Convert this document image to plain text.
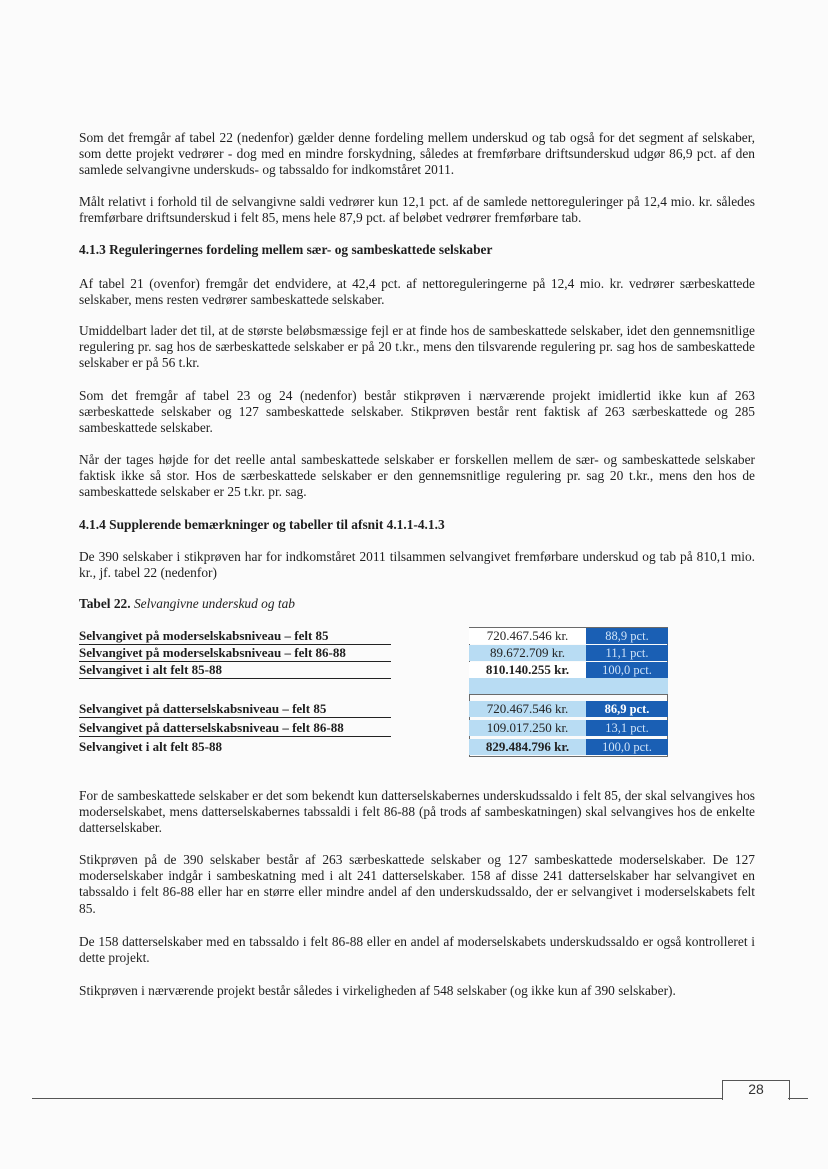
Som det fremgår af tabel 22 (nedenfor) gælder denne fordeling mellem underskud og tab også for det segment af selskaber, som dette projekt vedrører - dog med en mindre forskydning, således at fremførbare driftsunderskud udgør 86,9 pct. af den samlede selvangivne underskuds- og tabssaldo for indkomståret 2011.

Målt relativt i forhold til de selvangivne saldi vedrører kun 12,1 pct. af de samlede nettoreguleringer på 12,4 mio. kr. således fremførbare driftsunderskud i felt 85, mens hele 87,9 pct. af beløbet vedrører fremførbare tab.

4.1.3 Reguleringernes fordeling mellem sær- og sambeskattede selskaber

Af tabel 21 (ovenfor) fremgår det endvidere, at 42,4 pct. af nettoreguleringerne på 12,4 mio. kr. vedrører særbeskattede selskaber, mens resten vedrører sambeskattede selskaber.

Umiddelbart lader det til, at de største beløbsmæssige fejl er at finde hos de sambeskattede selskaber, idet den gennemsnitlige regulering pr. sag hos de særbeskattede selskaber er på 20 t.kr., mens den tilsvarende regulering pr. sag hos de sambeskattede selskaber er på 56 t.kr.

Som det fremgår af tabel 23 og 24 (nedenfor) består stikprøven i nærværende projekt imidlertid ikke kun af 263 særbeskattede selskaber og 127 sambeskattede selskaber. Stikprøven består rent faktisk af 263 særbeskattede og 285 sambeskattede selskaber.

Når der tages højde for det reelle antal sambeskattede selskaber er forskellen mellem de sær- og sambeskattede selskaber faktisk ikke så stor. Hos de særbeskattede selskaber er den gennemsnitlige regulering pr. sag 20 t.kr., mens den hos de sambeskattede selskaber er 25 t.kr. pr. sag.

4.1.4 Supplerende bemærkninger og tabeller til afsnit 4.1.1-4.1.3

De 390 selskaber i stikprøven har for indkomståret 2011 tilsammen selvangivet fremførbare underskud og tab på 810,1 mio. kr., jf. tabel 22 (nedenfor)

Tabel 22. Selvangivne underskud og tab

Selvangivet på moderselskabsniveau – felt 85	720.467.546 kr.	88,9 pct.
Selvangivet på moderselskabsniveau – felt 86-88	89.672.709 kr.	11,1 pct.
Selvangivet i alt felt 85-88	810.140.255 kr.	100,0 pct.
Selvangivet på datterselskabsniveau – felt 85	720.467.546 kr.	86,9 pct.
Selvangivet på datterselskabsniveau – felt 86-88	109.017.250 kr.	13,1 pct.
Selvangivet i alt felt 85-88	829.484.796 kr.	100,0 pct.

For de sambeskattede selskaber er det som bekendt kun datterselskabernes underskudssaldo i felt 85, der skal selvangives hos moderselskabet, mens datterselskabernes tabssaldi i felt 86-88 (på trods af sambeskatningen) skal selvangives hos de enkelte datterselskaber.

Stikprøven på de 390 selskaber består af 263 særbeskattede selskaber og 127 sambeskattede moderselskaber. De 127 moderselskaber indgår i sambeskatning med i alt 241 datterselskaber. 158 af disse 241 datterselskaber har selvangivet en tabssaldo i felt 86-88 eller har en større eller mindre andel af den underskudssaldo, der er selvangivet i moderselskabets felt 85.

De 158 datterselskaber med en tabssaldo i felt 86-88 eller en andel af moderselskabets underskudssaldo er også kontrolleret i dette projekt.

Stikprøven i nærværende projekt består således i virkeligheden af 548 selskaber (og ikke kun af 390 selskaber).

28
